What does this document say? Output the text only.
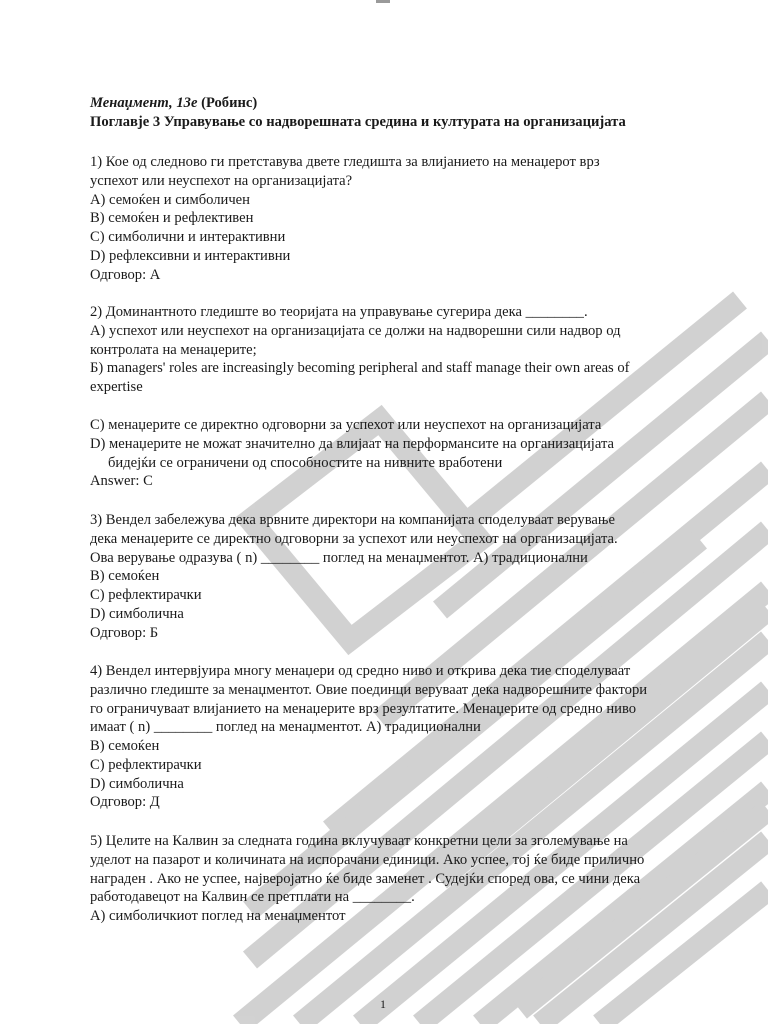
Менаџмент, 13е (Робинс)
Поглавје 3 Управување со надворешната средина и културата на организацијата
1) Кое од следново ги претставува двете гледишта за влијанието на менаџерот врз
успехот или неуспехот на организацијата?
A) семоќен и симболичен
B) семоќен и рефлективен
C) симболични и интерактивни
D) рефлексивни и интерактивни
Одговор: А
2) Доминантното гледиште во теоријата на управување сугерира дека ________.
A) успехот или неуспехот на организацијата се должи на надворешни сили надвор од
контролата на менаџерите;
Б) managers' roles are increasingly becoming peripheral and staff manage their own areas of
expertise
C) менаџерите се директно одговорни за успехот или неуспехот на организацијата
D) менаџерите не можат значително да влијаат на перформансите на организацијата
бидејќи се ограничени од способностите на нивните вработени
Answer: C
3) Вендел забележува дека врвните директори на компанијата споделуваат верување
дека менаџерите се директно одговорни за успехот или неуспехот на организацијата.
Ова верување одразува ( n) ________ поглед на менаџментот. A) традиционални
B) семоќен
C) рефлектирачки
D) симболична
Одговор: Б
4) Вендел интервјуира многу менаџери од средно ниво и открива дека тие споделуваат
различно гледиште за менаџментот. Овие поединци веруваат дека надворешните фактори
го ограничуваат влијанието на менаџерите врз резултатите. Менаџерите од средно ниво
имаат ( n) ________ поглед на менаџментот. A) традиционални
B) семоќен
C) рефлектирачки
D) симболична
Одговор: Д
5) Целите на Калвин за следната година вклучуваат конкретни цели за зголемување на
уделот на пазарот и количината на испорачани единици. Ако успее, тој ќе биде прилично
награден . Ако не успее, најверојатно ќе биде заменет . Судејќи според ова, се чини дека
работодавецот на Калвин се претплати на ________.
A) симболичкиот поглед на менаџментот
1
